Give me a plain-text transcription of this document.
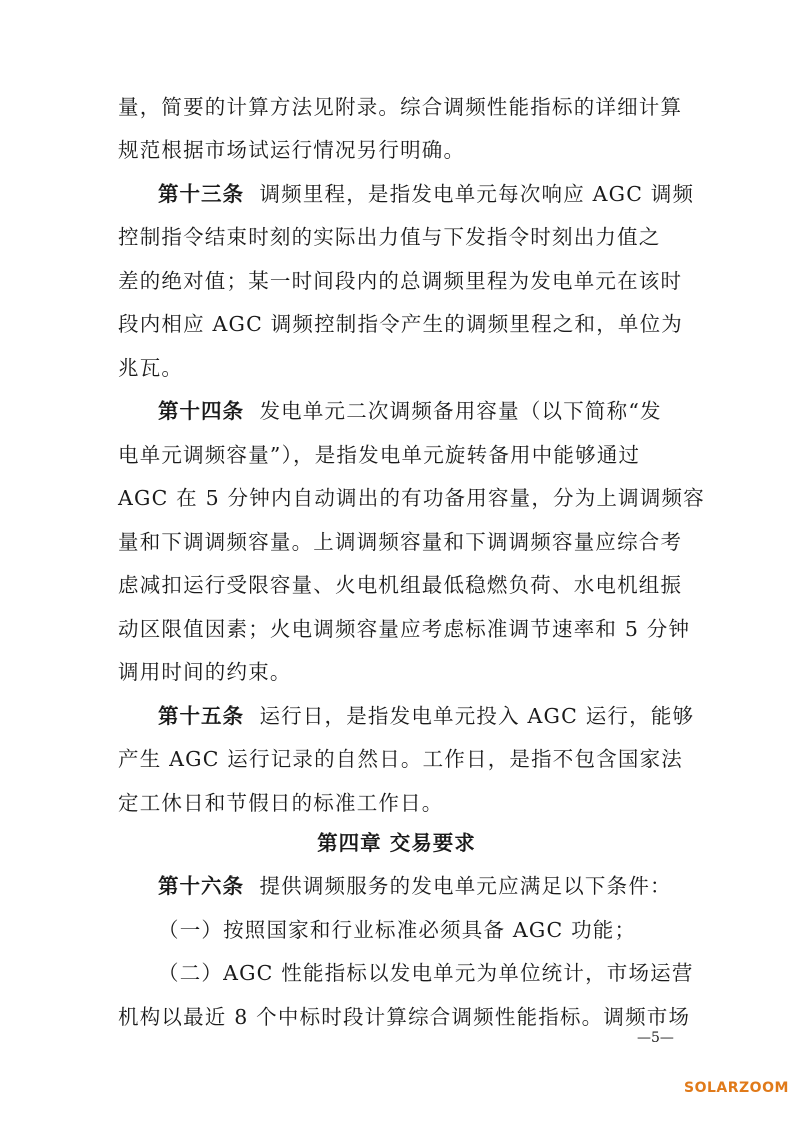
量，简要的计算方法见附录。综合调频性能指标的详细计算
规范根据市场试运行情况另行明确。
第十三条 调频里程，是指发电单元每次响应 AGC 调频
控制指令结束时刻的实际出力值与下发指令时刻出力值之
差的绝对值；某一时间段内的总调频里程为发电单元在该时
段内相应 AGC 调频控制指令产生的调频里程之和，单位为
兆瓦。
第十四条 发电单元二次调频备用容量（以下简称“发
电单元调频容量”），是指发电单元旋转备用中能够通过
AGC 在 5 分钟内自动调出的有功备用容量，分为上调调频容
量和下调调频容量。上调调频容量和下调调频容量应综合考
虑减扣运行受限容量、火电机组最低稳燃负荷、水电机组振
动区限值因素；火电调频容量应考虑标准调节速率和 5 分钟
调用时间的约束。
第十五条 运行日，是指发电单元投入 AGC 运行，能够
产生 AGC 运行记录的自然日。工作日，是指不包含国家法
定工休日和节假日的标准工作日。
第四章 交易要求
第十六条 提供调频服务的发电单元应满足以下条件：
（一）按照国家和行业标准必须具备 AGC 功能；
（二）AGC 性能指标以发电单元为单位统计，市场运营
机构以最近 8 个中标时段计算综合调频性能指标。调频市场
—5—
SOLARZOOM
